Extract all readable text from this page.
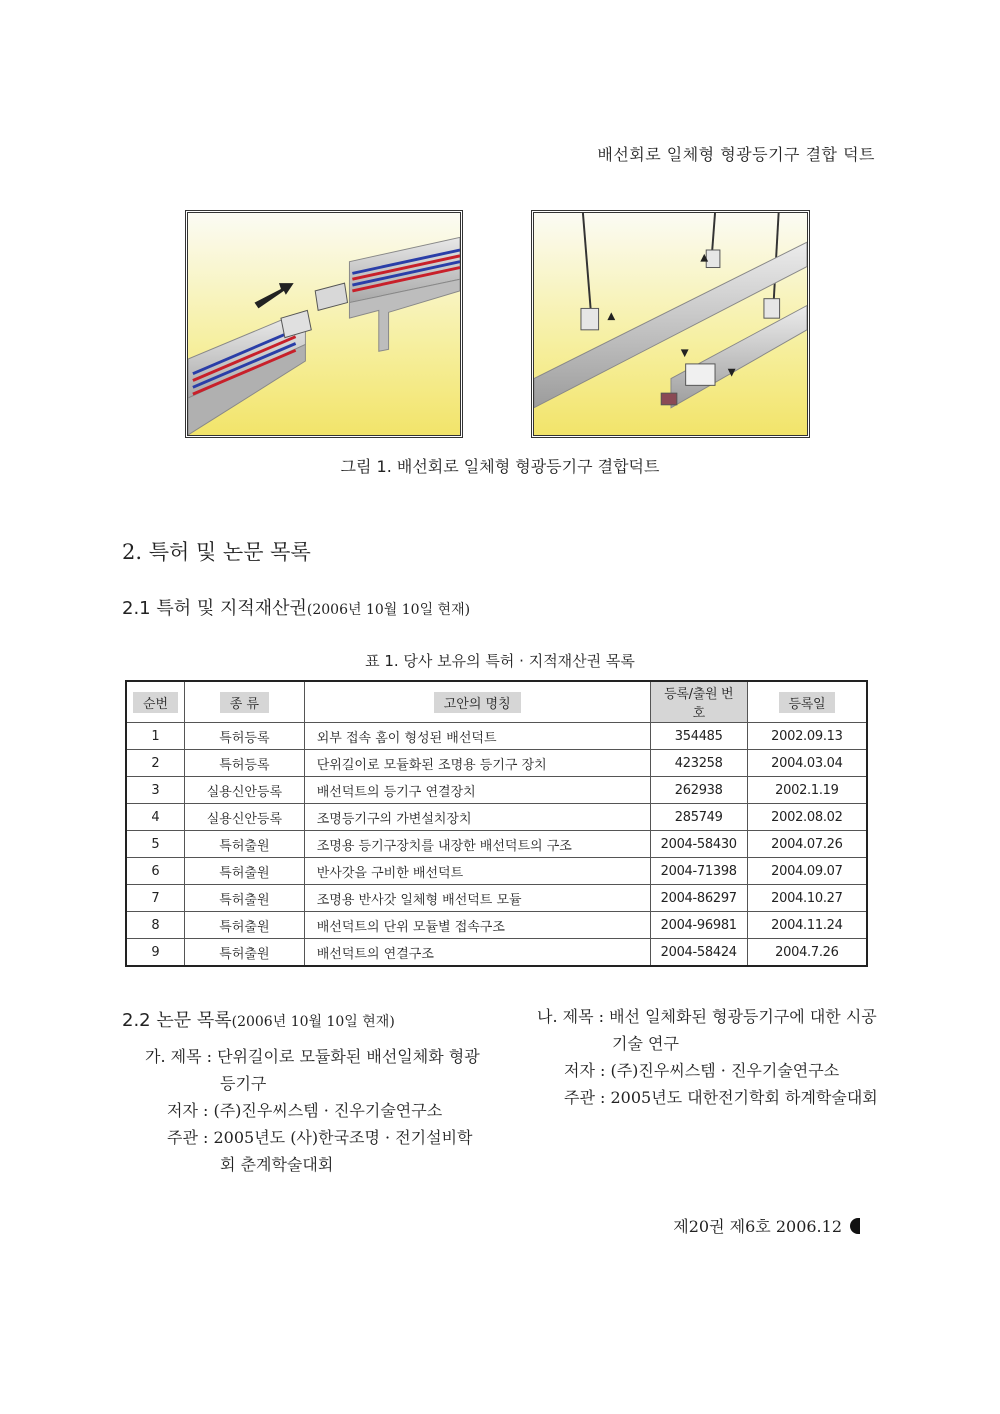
배선회로 일체형 형광등기구 결합 덕트
그림 1. 배선회로 일체형 형광등기구 결합덕트
2. 특허 및 논문 목록
2.1 특허 및 지적재산권(2006년 10월 10일 현재)
표 1. 당사 보유의 특허 · 지적재산권 목록
순번	종 류	고안의 명칭	등록/출원 번호	등록일
1	특허등록	외부 접속 홈이 형성된 배선덕트	354485	2002.09.13
2	특허등록	단위길이로 모듈화된 조명용 등기구 장치	423258	2004.03.04
3	실용신안등록	배선덕트의 등기구 연결장치	262938	2002.1.19
4	실용신안등록	조명등기구의 가변설치장치	285749	2002.08.02
5	특허출원	조명용 등기구장치를 내장한 배선덕트의 구조	2004-58430	2004.07.26
6	특허출원	반사갓을 구비한 배선덕트	2004-71398	2004.09.07
7	특허출원	조명용 반사갓 일체형 배선덕트 모듈	2004-86297	2004.10.27
8	특허출원	배선덕트의 단위 모듈별 접속구조	2004-96981	2004.11.24
9	특허출원	배선덕트의 연결구조	2004-58424	2004.7.26
2.2 논문 목록(2006년 10월 10일 현재)
가. 제목 : 단위길이로 모듈화된 배선일체화 형광
등기구
저자 : (주)진우씨스템 · 진우기술연구소
주관 : 2005년도 (사)한국조명 · 전기설비학
회 춘계학술대회
나. 제목 : 배선 일체화된 형광등기구에 대한 시공
기술 연구
저자 : (주)진우씨스템 · 진우기술연구소
주관 : 2005년도 대한전기학회 하계학술대회
제20권 제6호 2006.12
